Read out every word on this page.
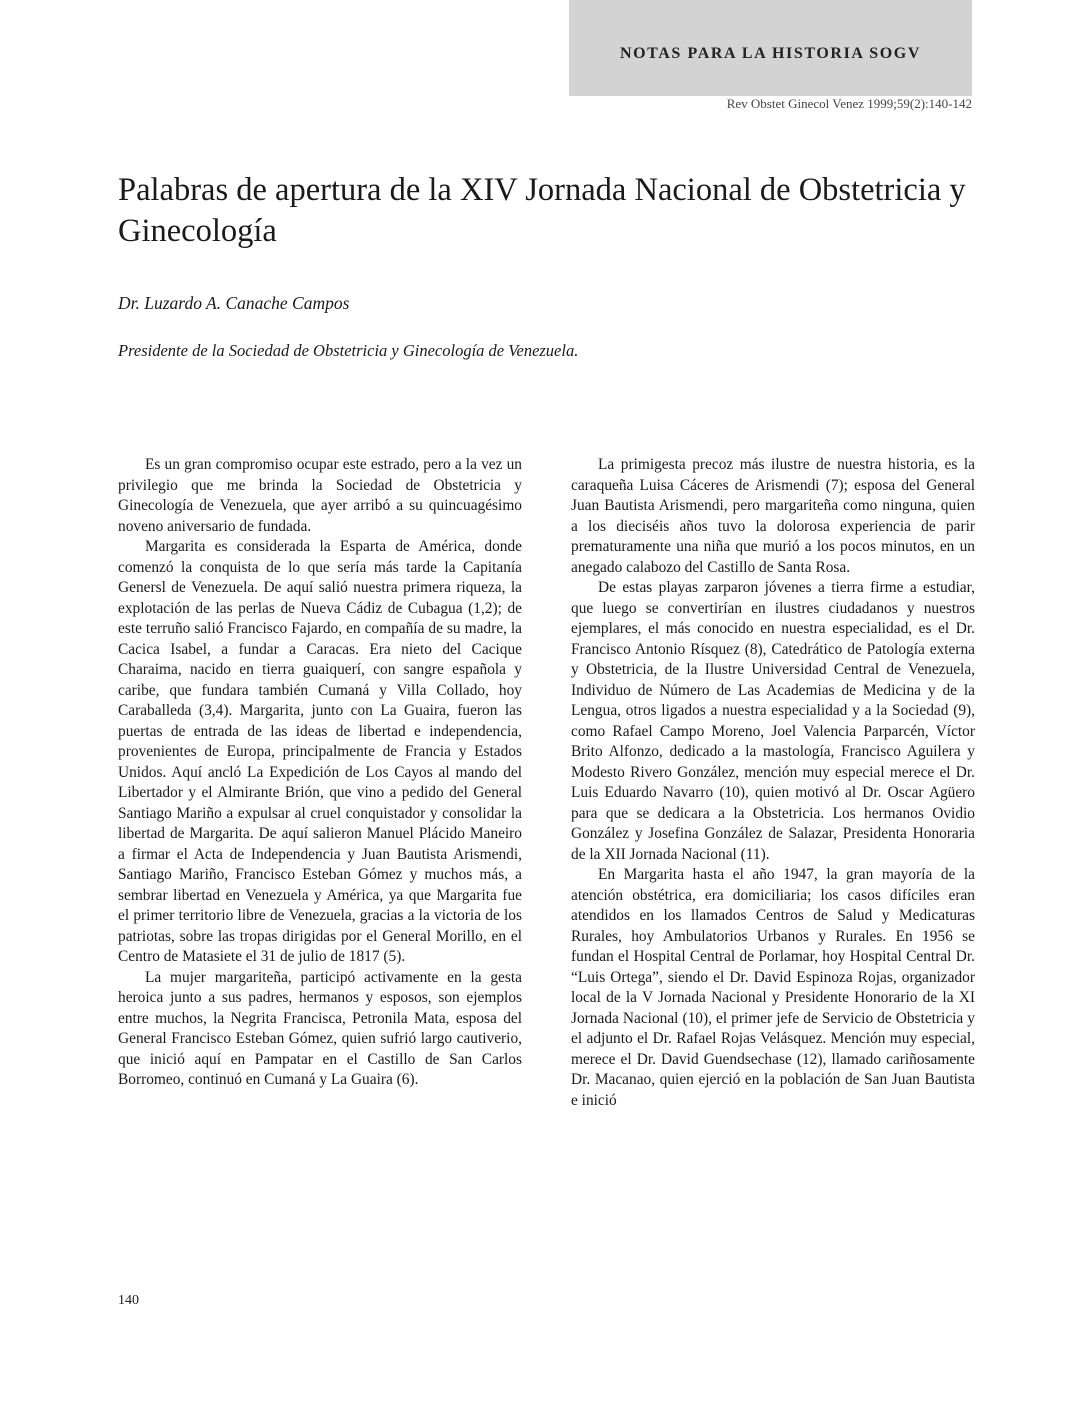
NOTAS PARA LA HISTORIA SOGV
Rev Obstet Ginecol Venez 1999;59(2):140-142
Palabras de apertura de la XIV Jornada Nacional de Obstetricia y Ginecología
Dr. Luzardo A. Canache Campos
Presidente de la Sociedad de Obstetricia y Ginecología de Venezuela.

Es un gran compromiso ocupar este estrado, pero a la vez un privilegio que me brinda la Sociedad de Obstetricia y Ginecología de Venezuela, que ayer arribó a su quincuagésimo noveno aniversario de fundada.

Margarita es considerada la Esparta de América, donde comenzó la conquista de lo que sería más tarde la Capitanía Genersl de Venezuela. De aquí salió nuestra primera riqueza, la explotación de las perlas de Nueva Cádiz de Cubagua (1,2); de este terruño salió Francisco Fajardo, en compañía de su madre, la Cacica Isabel, a fundar a Caracas. Era nieto del Cacique Charaima, nacido en tierra guaiquerí, con sangre española y caribe, que fundara también Cumaná y Villa Collado, hoy Caraballeda (3,4). Margarita, junto con La Guaira, fueron las puertas de entrada de las ideas de libertad e independencia, provenientes de Europa, principalmente de Francia y Estados Unidos. Aquí ancló La Expedición de Los Cayos al mando del Libertador y el Almirante Brión, que vino a pedido del General Santiago Mariño a expulsar al cruel conquistador y consolidar la libertad de Margarita. De aquí salieron Manuel Plácido Maneiro a firmar el Acta de Independencia y Juan Bautista Arismendi, Santiago Mariño, Francisco Esteban Gómez y muchos más, a sembrar libertad en Venezuela y América, ya que Margarita fue el primer territorio libre de Venezuela, gracias a la victoria de los patriotas, sobre las tropas dirigidas por el General Morillo, en el Centro de Matasiete el 31 de julio de 1817 (5).

La mujer margariteña, participó activamente en la gesta heroica junto a sus padres, hermanos y esposos, son ejemplos entre muchos, la Negrita Francisca, Petronila Mata, esposa del General Francisco Esteban Gómez, quien sufrió largo cautiverio, que inició aquí en Pampatar en el Castillo de San Carlos Borromeo, continuó en Cumaná y La Guaira (6).

La primigesta precoz más ilustre de nuestra historia, es la caraqueña Luisa Cáceres de Arismendi (7); esposa del General Juan Bautista Arismendi, pero margariteña como ninguna, quien a los dieciséis años tuvo la dolorosa experiencia de parir prematuramente una niña que murió a los pocos minutos, en un anegado calabozo del Castillo de Santa Rosa.

De estas playas zarparon jóvenes a tierra firme a estudiar, que luego se convertirían en ilustres ciudadanos y nuestros ejemplares, el más conocido en nuestra especialidad, es el Dr. Francisco Antonio Rísquez (8), Catedrático de Patología externa y Obstetricia, de la Ilustre Universidad Central de Venezuela, Individuo de Número de Las Academias de Medicina y de la Lengua, otros ligados a nuestra especialidad y a la Sociedad (9), como Rafael Campo Moreno, Joel Valencia Parparcén, Víctor Brito Alfonzo, dedicado a la mastología, Francisco Aguilera y Modesto Rivero González, mención muy especial merece el Dr. Luis Eduardo Navarro (10), quien motivó al Dr. Oscar Agüero para que se dedicara a la Obstetricia. Los hermanos Ovidio González y Josefina González de Salazar, Presidenta Honoraria de la XII Jornada Nacional (11).

En Margarita hasta el año 1947, la gran mayoría de la atención obstétrica, era domiciliaria; los casos difíciles eran atendidos en los llamados Centros de Salud y Medicaturas Rurales, hoy Ambulatorios Urbanos y Rurales. En 1956 se fundan el Hospital Central de Porlamar, hoy Hospital Central Dr. “Luis Ortega”, siendo el Dr. David Espinoza Rojas, organizador local de la V Jornada Nacional y Presidente Honorario de la XI Jornada Nacional (10), el primer jefe de Servicio de Obstetricia y el adjunto el Dr. Rafael Rojas Velásquez. Mención muy especial, merece el Dr. David Guendsechase (12), llamado cariñosamente Dr. Macanao, quien ejerció en la población de San Juan Bautista e inició

140
